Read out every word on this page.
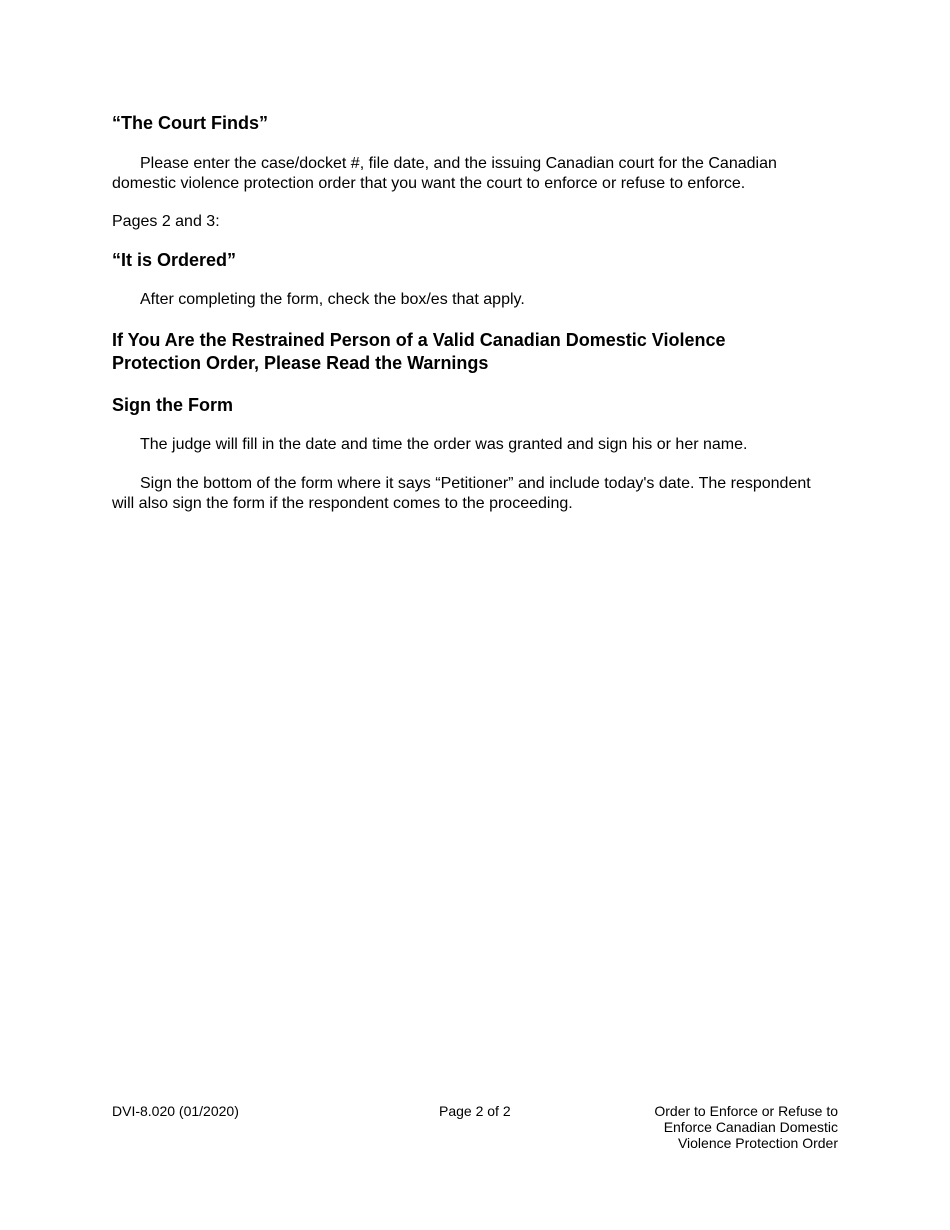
“The Court Finds”

Please enter the case/docket #, file date, and the issuing Canadian court for the Canadian domestic violence protection order that you want the court to enforce or refuse to enforce.

Pages 2 and 3:

“It is Ordered”

After completing the form, check the box/es that apply.

If You Are the Restrained Person of a Valid Canadian Domestic Violence
Protection Order, Please Read the Warnings
Sign the Form

The judge will fill in the date and time the order was granted and sign his or her name.

Sign the bottom of the form where it says “Petitioner” and include today's date. The respondent will also sign the form if the respondent comes to the proceeding.

DVI-8.020 (01/2020)	Page 2 of 2	Order to Enforce or Refuse to
Enforce Canadian Domestic
Violence Protection Order
